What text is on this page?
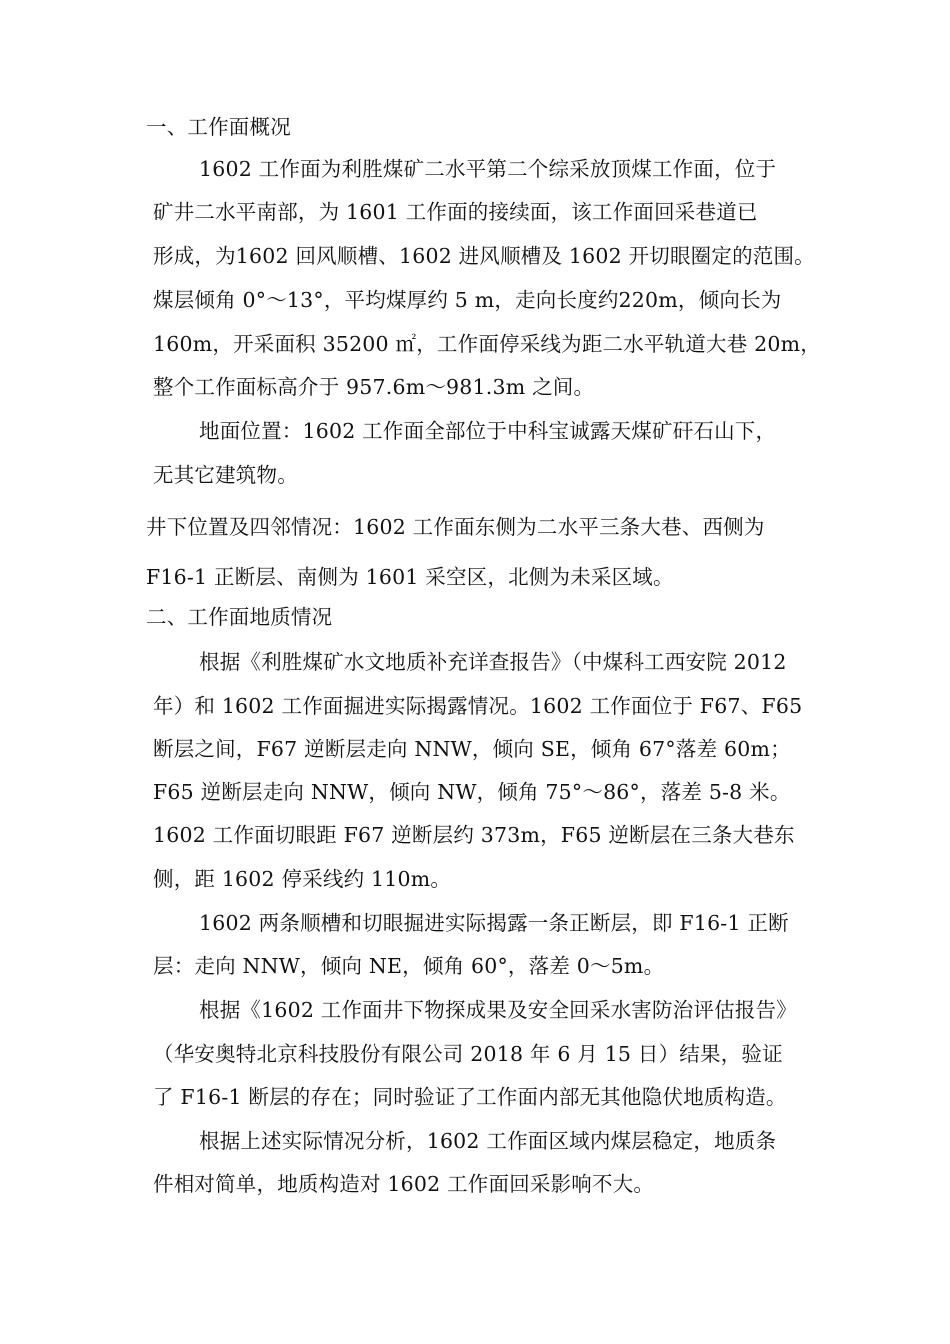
一、工作面概况
1602 工作面为利胜煤矿二水平第二个综采放顶煤工作面，位于
矿井二水平南部，为 1601 工作面的接续面，该工作面回采巷道已
形成，为1602 回风顺槽、1602 进风顺槽及 1602 开切眼圈定的范围。
煤层倾角 0°～13°，平均煤厚约 5 m，走向长度约220m，倾向长为
160m，开采面积 35200 ㎡，工作面停采线为距二水平轨道大巷 20m，
整个工作面标高介于 957.6m～981.3m 之间。
地面位置：1602 工作面全部位于中科宝诚露天煤矿矸石山下，
无其它建筑物。
井下位置及四邻情况：1602 工作面东侧为二水平三条大巷、西侧为
F16-1 正断层、南侧为 1601 采空区，北侧为未采区域。
二、工作面地质情况
根据《利胜煤矿水文地质补充详查报告》（中煤科工西安院 2012
年）和 1602 工作面掘进实际揭露情况。1602 工作面位于 F67、F65
断层之间，F67 逆断层走向 NNW，倾向 SE，倾角 67°落差 60m；
F65 逆断层走向 NNW，倾向 NW，倾角 75°～86°，落差 5-8 米。
1602 工作面切眼距 F67 逆断层约 373m，F65 逆断层在三条大巷东
侧，距 1602 停采线约 110m。
1602 两条顺槽和切眼掘进实际揭露一条正断层，即 F16-1 正断
层：走向 NNW，倾向 NE，倾角 60°，落差 0～5m。
根据《1602 工作面井下物探成果及安全回采水害防治评估报告》
（华安奥特北京科技股份有限公司 2018 年 6 月 15 日）结果，验证
了 F16-1 断层的存在；同时验证了工作面内部无其他隐伏地质构造。
根据上述实际情况分析，1602 工作面区域内煤层稳定，地质条
件相对简单，地质构造对 1602 工作面回采影响不大。
